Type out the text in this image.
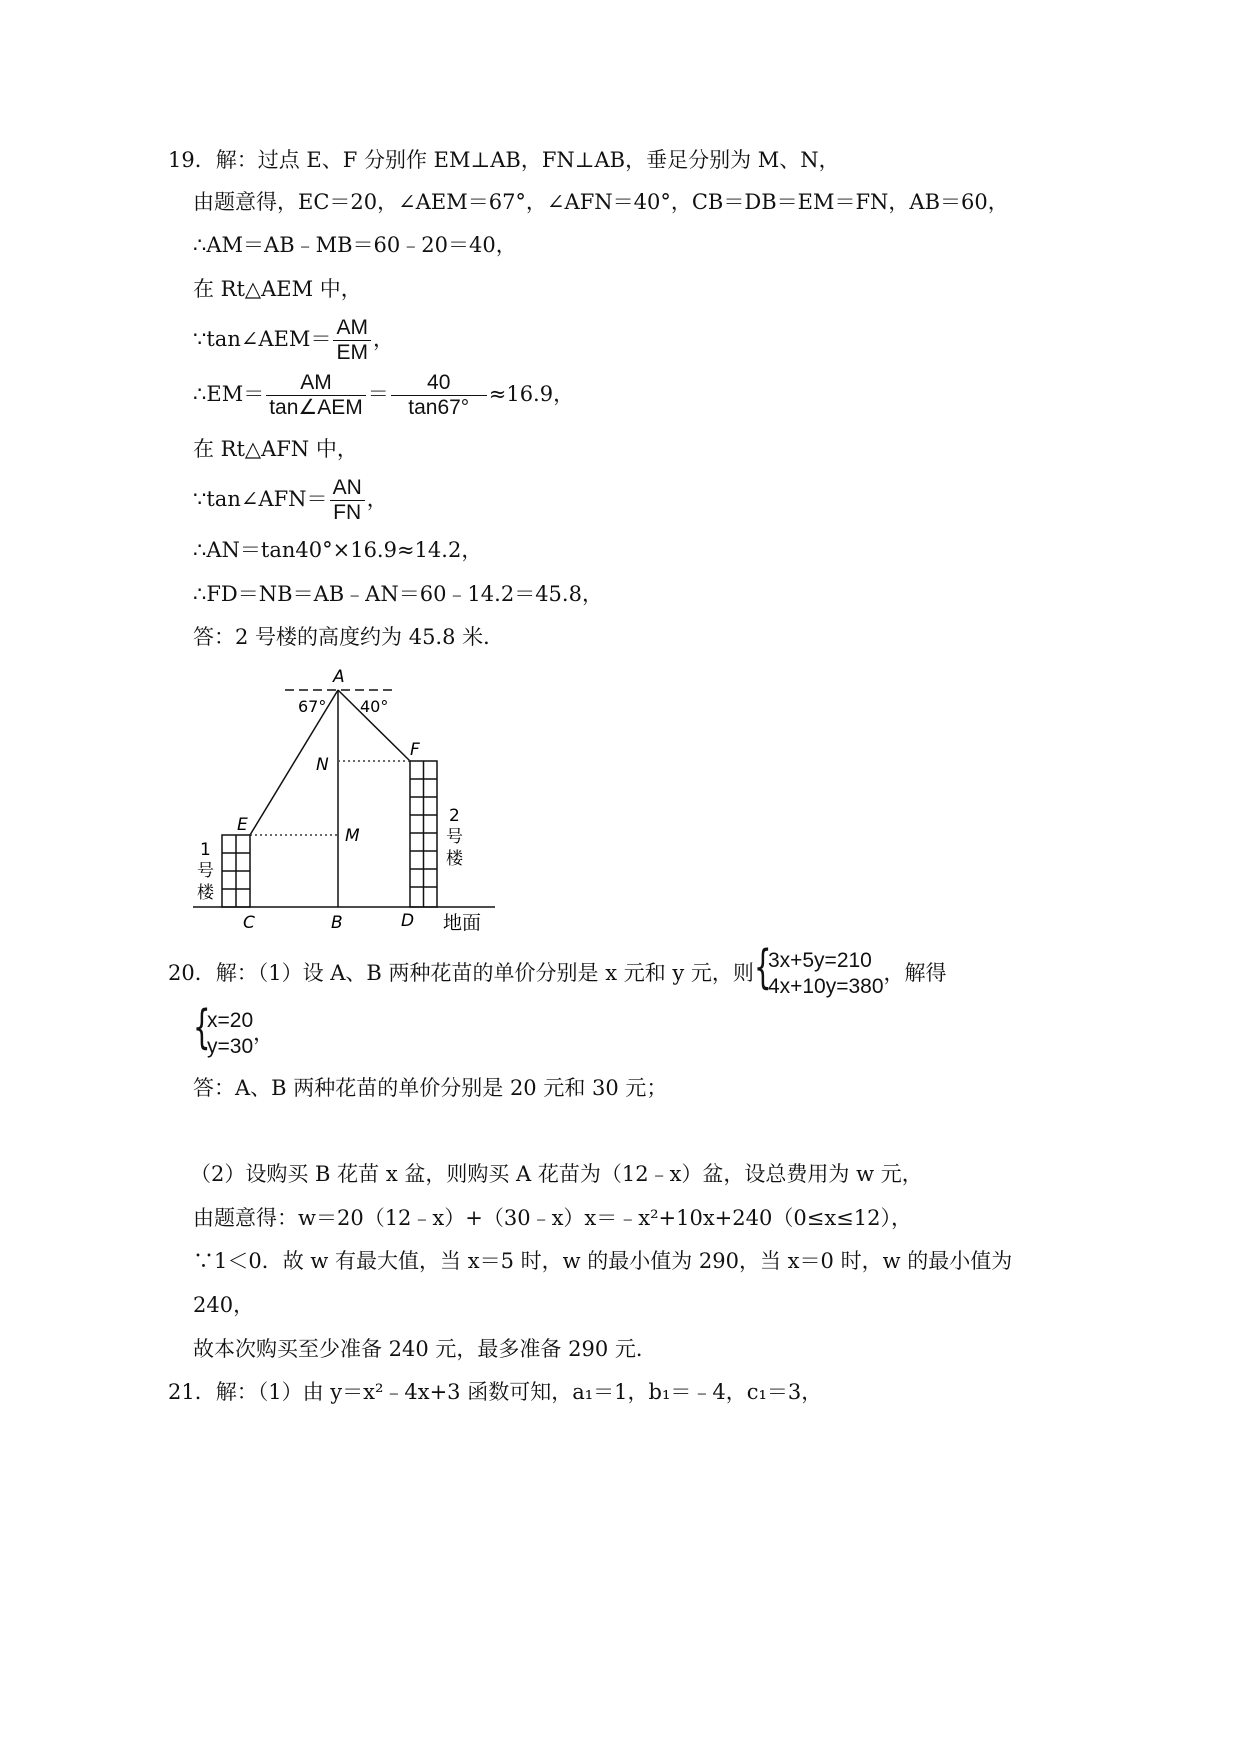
19．解：过点 E、F 分别作 EM⊥AB，FN⊥AB，垂足分别为 M、N，
由题意得，EC＝20，∠AEM＝67°，∠AFN＝40°，CB＝DB＝EM＝FN，AB＝60，
∴AM＝AB﹣MB＝60﹣20＝40，
在 Rt△AEM 中，
∵tan∠AEM＝ $\frac{AM}{EM}$ ，
∴EM＝ $\frac{AM}{\text{tan∠AEM}} = \frac{40}{\tan 67^\circ} \approx 16.9$，
在 Rt△AFN 中，
∵tan∠AFN＝ $\frac{AN}{FN}$ ，
∴AN＝tan40°×16.9≈14.2，
∴FD＝NB＝AB﹣AN＝60﹣14.2＝45.8，
答：2 号楼的高度约为 45.8 米．
A
67° 40°
N
M
E
F
C	B	D 地面
1
号
楼
2
号
楼
20．解：（1）设 A、B 两种花苗的单价分别是 x 元和 y 元，则 {
3x+5y=210
4x+10y=380
，解得
{
x=20
y=30
，
答：A、B 两种花苗的单价分别是 20 元和 30 元；
（2）设购买 B 花苗 x 盆，则购买 A 花苗为（12﹣x）盆，设总费用为 w 元，
由题意得：w＝20（12﹣x）+（30﹣x）x＝﹣x²+10x+240（0≤x≤12），
∵1＜0．故 w 有最大值，当 x＝5 时，w 的最小值为 290，当 x＝0 时，w 的最小值为
240，
故本次购买至少准备 240 元，最多准备 290 元．
21．解：（1）由 y＝x²﹣4x+3 函数可知，a₁＝1，b₁＝﹣4，c₁＝3，
